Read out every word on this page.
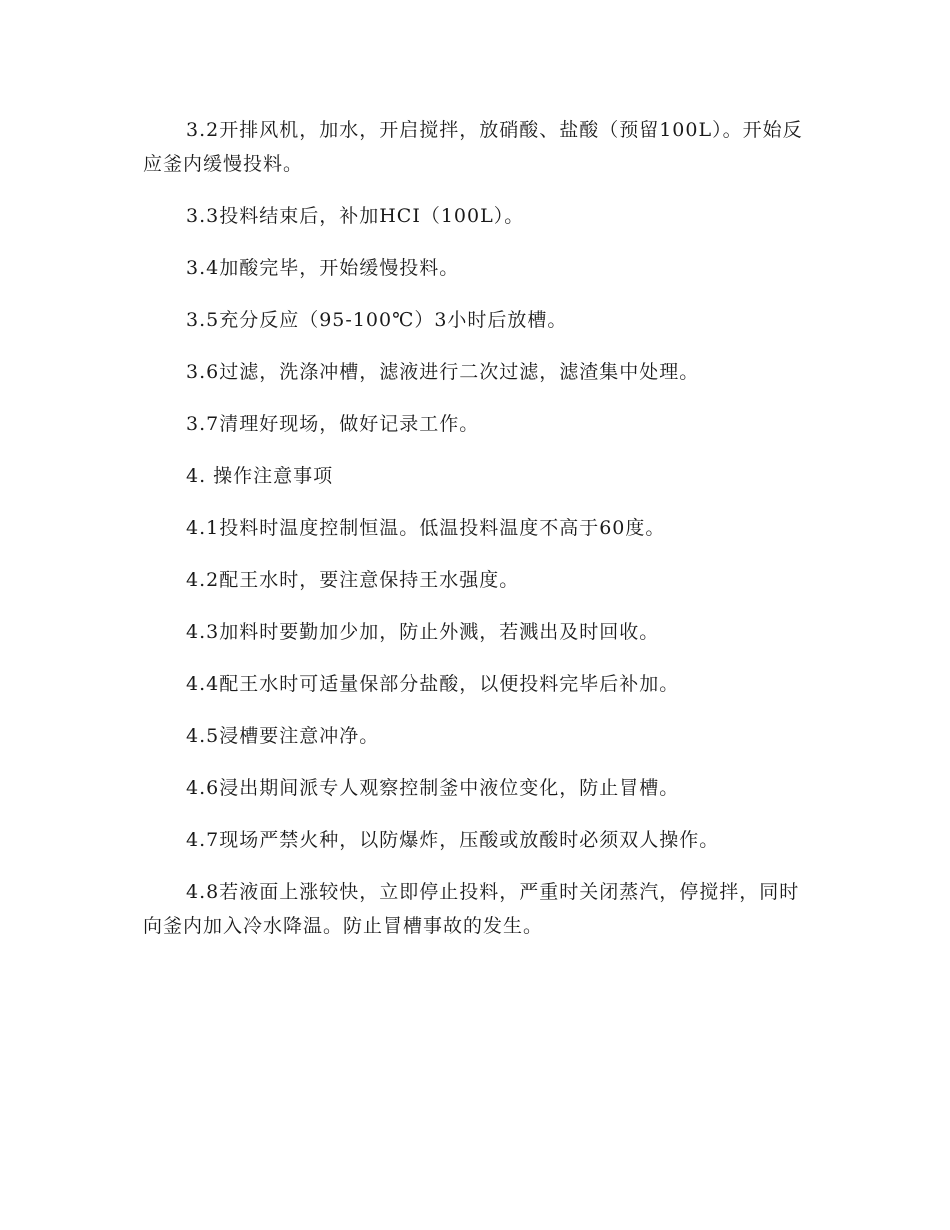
3.2开排风机，加水，开启搅拌，放硝酸、盐酸（预留100L）。开始反应釜内缓慢投料。

3.3投料结束后，补加HCI（100L）。

3.4加酸完毕，开始缓慢投料。

3.5充分反应（95-100℃）3小时后放槽。

3.6过滤，洗涤冲槽，滤液进行二次过滤，滤渣集中处理。

3.7清理好现场，做好记录工作。

4. 操作注意事项

4.1投料时温度控制恒温。低温投料温度不高于60度。

4.2配王水时，要注意保持王水强度。

4.3加料时要勤加少加，防止外溅，若溅出及时回收。

4.4配王水时可适量保部分盐酸，以便投料完毕后补加。

4.5浸槽要注意冲净。

4.6浸出期间派专人观察控制釜中液位变化，防止冒槽。

4.7现场严禁火种，以防爆炸，压酸或放酸时必须双人操作。

4.8若液面上涨较快，立即停止投料，严重时关闭蒸汽，停搅拌，同时向釜内加入冷水降温。防止冒槽事故的发生。
